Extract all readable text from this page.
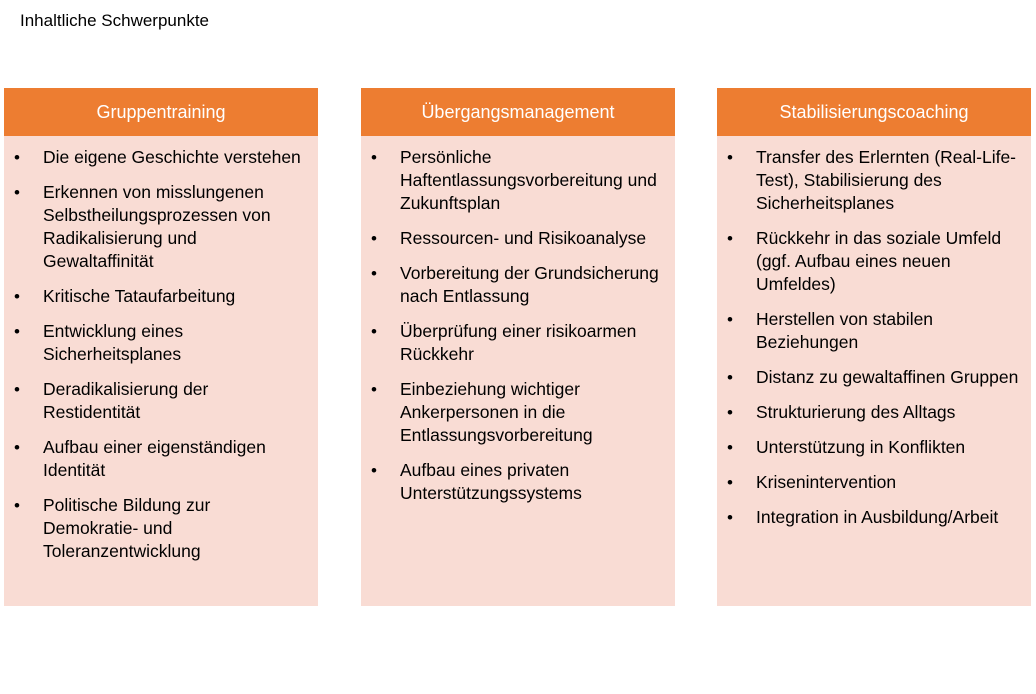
Inhaltliche Schwerpunkte
Gruppentraining
• Die eigene Geschichte verstehen
• Erkennen von misslungenen Selbstheilungsprozessen von Radikalisierung und Gewaltaffinität
• Kritische Tataufarbeitung
• Entwicklung eines Sicherheitsplanes
• Deradikalisierung der Restidentität
• Aufbau einer eigenständigen Identität
• Politische Bildung zur Demokratie- und Toleranzentwicklung
Übergangsmanagement
• Persönliche Haftentlassungsvorbereitung und Zukunftsplan
• Ressourcen- und Risikoanalyse
• Vorbereitung der Grundsicherung nach Entlassung
• Überprüfung einer risikoarmen Rückkehr
• Einbeziehung wichtiger Ankerpersonen in die Entlassungsvorbereitung
• Aufbau eines privaten Unterstützungssystems
Stabilisierungscoaching
• Transfer des Erlernten (Real-Life-Test), Stabilisierung des Sicherheitsplanes
• Rückkehr in das soziale Umfeld (ggf. Aufbau eines neuen Umfeldes)
• Herstellen von stabilen Beziehungen
• Distanz zu gewaltaffinen Gruppen
• Strukturierung des Alltags
• Unterstützung in Konflikten
• Krisenintervention
• Integration in Ausbildung/Arbeit
